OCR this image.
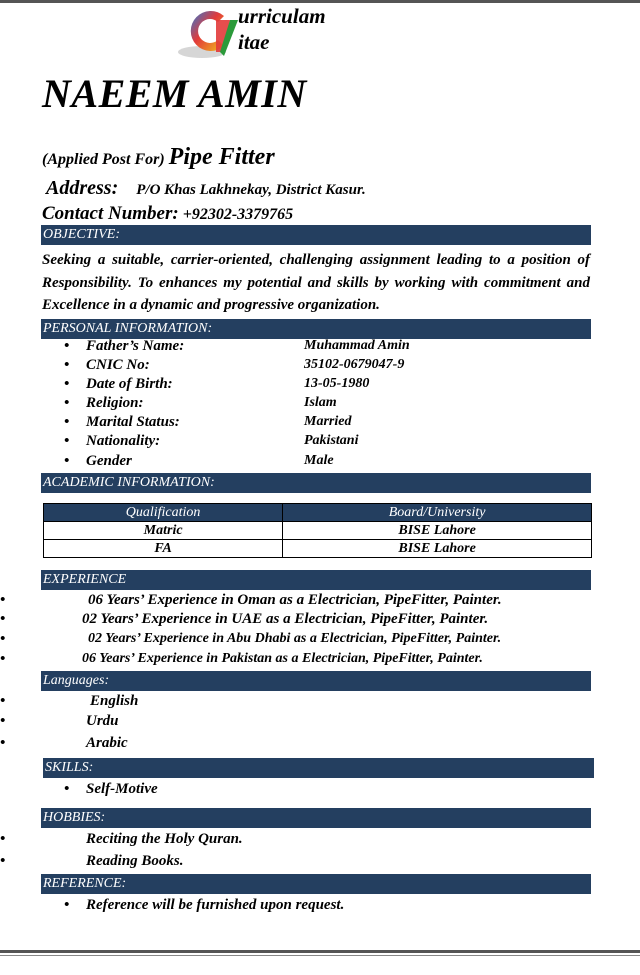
urriculam
itae
NAEEM AMIN
(Applied Post For) Pipe Fitter
Address: P/O Khas Lakhnekay, District Kasur.
Contact Number: +92302-3379765
OBJECTIVE:
Seeking a suitable, carrier-oriented, challenging assignment leading to a position of Responsibility. To enhances my potential and skills by working with commitment and Excellence in a dynamic and progressive organization.
PERSONAL INFORMATION:
• Father’s Name:	Muhammad Amin
• CNIC No:	35102-0679047-9
• Date of Birth:	13-05-1980
• Religion:	Islam
• Marital Status:	Married
• Nationality:	Pakistani
• Gender	Male
ACADEMIC INFORMATION:
Qualification	Board/University
Matric	BISE Lahore
FA	BISE Lahore
EXPERIENCE
•	06 Years’ Experience in Oman as a Electrician, PipeFitter, Painter.
•	02 Years’ Experience in UAE as a Electrician, PipeFitter, Painter.
•	02 Years’ Experience in Abu Dhabi as a Electrician, PipeFitter, Painter.
•	06 Years’ Experience in Pakistan as a Electrician, PipeFitter, Painter.
Languages:
•	English
•	Urdu
•	Arabic
SKILLS:
• Self-Motive
HOBBIES:
•	Reciting the Holy Quran.
•	Reading Books.
REFERENCE:
• Reference will be furnished upon request.
